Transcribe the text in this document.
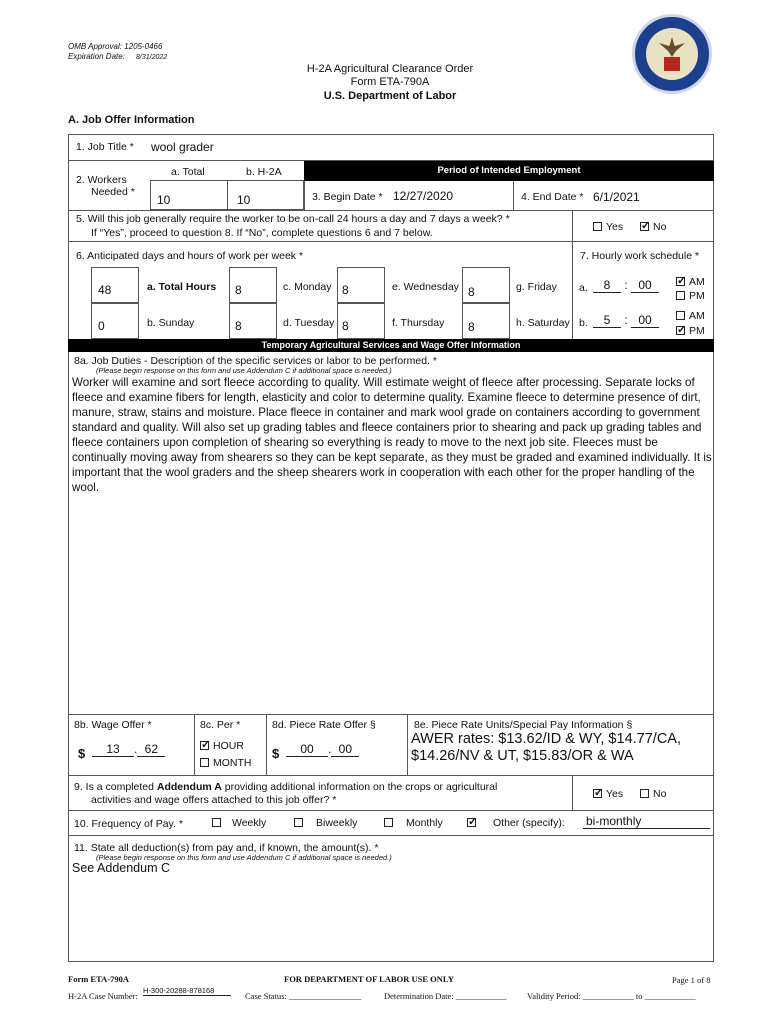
OMB Approval: 1205-0466
Expiration Date: 8/31/2022
H-2A Agricultural Clearance Order
Form ETA-790A
U.S. Department of Labor
A. Job Offer Information
1. Job Title * wool grader
2. Workers
Needed *
a. Total	b. H-2A
10	10
Period of Intended Employment
3. Begin Date * 12/27/2020	4. End Date * 6/1/2021
5. Will this job generally require the worker to be on-call 24 hours a day and 7 days a week? *
If “Yes”, proceed to question 8. If “No”, complete questions 6 and 7 below.	Yes ✓	No
6. Anticipated days and hours of work per week *	7. Hourly work schedule *
48	a. Total Hours
0	b. Sunday
8	c. Monday
8	d. Tuesday
8	e. Wednesday
8	f. Thursday
8	g. Friday
8	h. Saturday
a.	8 : 00 ✓	AM
PM
b.	5 : 00	AM
✓PM
Temporary Agricultural Services and Wage Offer Information
8a. Job Duties - Description of the specific services or labor to be performed. *
(Please begin response on this form and use Addendum C if additional space is needed.)
Worker will examine and sort fleece according to quality. Will estimate weight of fleece after processing. Separate locks of fleece and examine fibers for length, elasticity and color to determine quality. Examine fleece to determine presence of dirt, manure, straw, stains and moisture. Place fleece in container and mark wool grade on containers according to government standard and quality. Will also set up grading tables and fleece containers prior to shearing and pack up grading tables and fleece containers upon completion of shearing so everything is ready to move to the next job site. Fleeces must be continually moving away from shearers so they can be kept separate, as they must be graded and examined individually. It is important that the wool graders and the sheep shearers work in cooperation with each other for the proper handling of the wool.
8b. Wage Offer *
$	13 . 62
8c. Per *
✓HOUR
MONTH
8d. Piece Rate Offer §
$	00 . 00
8e. Piece Rate Units/Special Pay Information §
AWER rates: $13.62/ID & WY, $14.77/CA,
$14.26/NV & UT, $15.83/OR & WA
9. Is a completed Addendum A providing additional information on the crops or agricultural
activities and wage offers attached to this job offer? * ✓	Yes	No
10. Frequency of Pay. *	Weekly	Biweekly	Monthly ✓	Other (specify): bi-monthly
11. State all deduction(s) from pay and, if known, the amount(s). *
(Please begin response on this form and use Addendum C if additional space is needed.)
See Addendum C
Form ETA-790A	FOR DEPARTMENT OF LABOR USE ONLY	Page 1 of 8
H-2A Case Number:
H-300-20288-878168
Case Status: _________________	Determination Date: ____________ Validity Period: ____________ to ____________
